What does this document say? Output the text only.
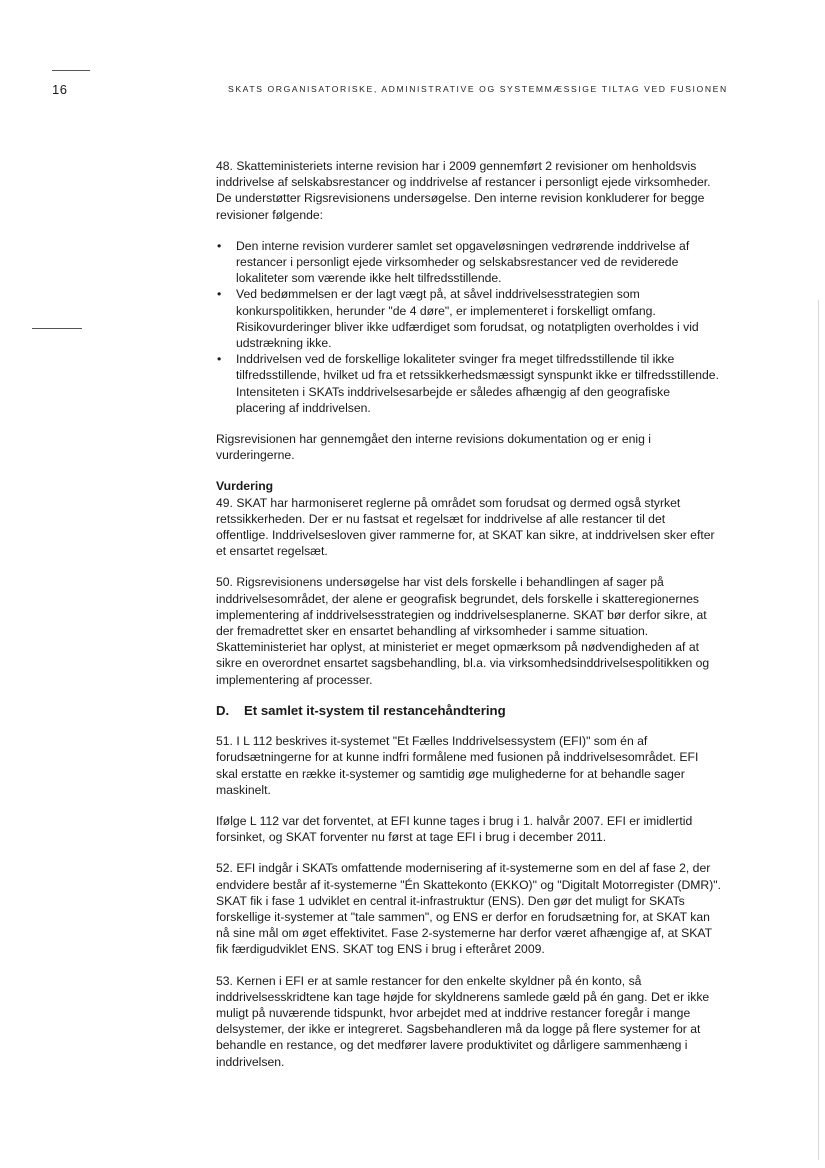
16	SKATS ORGANISATORISKE, ADMINISTRATIVE OG SYSTEMMÆSSIGE TILTAG VED FUSIONEN

48. Skatteministeriets interne revision har i 2009 gennemført 2 revisioner om henholdsvis inddrivelse af selskabsrestancer og inddrivelse af restancer i personligt ejede virksomheder. De understøtter Rigsrevisionens undersøgelse. Den interne revision konkluderer for begge revisioner følgende:

• Den interne revision vurderer samlet set opgaveløsningen vedrørende inddrivelse af restancer i personligt ejede virksomheder og selskabsrestancer ved de reviderede lokaliteter som værende ikke helt tilfredsstillende.
• Ved bedømmelsen er der lagt vægt på, at såvel inddrivelsesstrategien som konkurspolitikken, herunder "de 4 døre", er implementeret i forskelligt omfang. Risikovurderinger bliver ikke udfærdiget som forudsat, og notatpligten overholdes i vid udstrækning ikke.
• Inddrivelsen ved de forskellige lokaliteter svinger fra meget tilfredsstillende til ikke tilfredsstillende, hvilket ud fra et retssikkerhedsmæssigt synspunkt ikke er tilfredsstillende. Intensiteten i SKATs inddrivelsesarbejde er således afhængig af den geografiske placering af inddrivelsen.

Rigsrevisionen har gennemgået den interne revisions dokumentation og er enig i vurderingerne.

Vurdering

49. SKAT har harmoniseret reglerne på området som forudsat og dermed også styrket retssikkerheden. Der er nu fastsat et regelsæt for inddrivelse af alle restancer til det offentlige. Inddrivelsesloven giver rammerne for, at SKAT kan sikre, at inddrivelsen sker efter et ensartet regelsæt.

50. Rigsrevisionens undersøgelse har vist dels forskelle i behandlingen af sager på inddrivelsesområdet, der alene er geografisk begrundet, dels forskelle i skatteregionernes implementering af inddrivelsesstrategien og inddrivelsesplanerne. SKAT bør derfor sikre, at der fremadrettet sker en ensartet behandling af virksomheder i samme situation. Skatteministeriet har oplyst, at ministeriet er meget opmærksom på nødvendigheden af at sikre en overordnet ensartet sagsbehandling, bl.a. via virksomhedsinddrivelsespolitikken og implementering af processer.

D.	Et samlet it-system til restancehåndtering

51. I L 112 beskrives it-systemet "Et Fælles Inddrivelsessystem (EFI)" som én af forudsætningerne for at kunne indfri formålene med fusionen på inddrivelsesområdet. EFI skal erstatte en række it-systemer og samtidig øge mulighederne for at behandle sager maskinelt.

Ifølge L 112 var det forventet, at EFI kunne tages i brug i 1. halvår 2007. EFI er imidlertid forsinket, og SKAT forventer nu først at tage EFI i brug i december 2011.

52. EFI indgår i SKATs omfattende modernisering af it-systemerne som en del af fase 2, der endvidere består af it-systemerne "Én Skattekonto (EKKO)" og "Digitalt Motorregister (DMR)". SKAT fik i fase 1 udviklet en central it-infrastruktur (ENS). Den gør det muligt for SKATs forskellige it-systemer at "tale sammen", og ENS er derfor en forudsætning for, at SKAT kan nå sine mål om øget effektivitet. Fase 2-systemerne har derfor været afhængige af, at SKAT fik færdigudviklet ENS. SKAT tog ENS i brug i efteråret 2009.

53. Kernen i EFI er at samle restancer for den enkelte skyldner på én konto, så inddrivelsesskridtene kan tage højde for skyldnerens samlede gæld på én gang. Det er ikke muligt på nuværende tidspunkt, hvor arbejdet med at inddrive restancer foregår i mange delsystemer, der ikke er integreret. Sagsbehandleren må da logge på flere systemer for at behandle en restance, og det medfører lavere produktivitet og dårligere sammenhæng i inddrivelsen.
